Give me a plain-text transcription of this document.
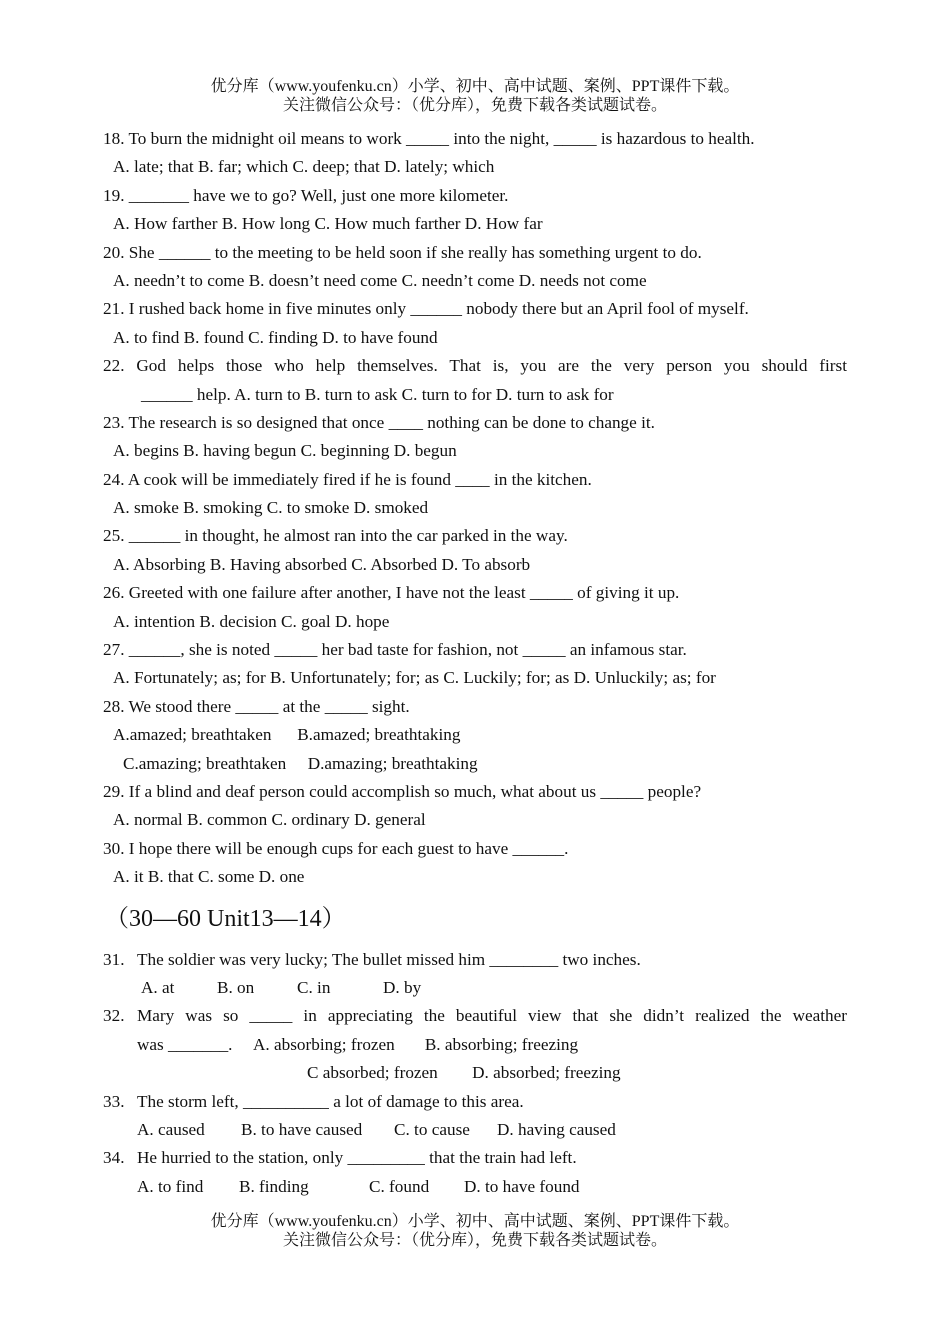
优分库（www.youfenku.cn）小学、初中、高中试题、案例、PPT课件下载。
关注微信公众号：（优分库），免费下载各类试题试卷。
18. To burn the midnight oil means to work _____ into the night, _____ is hazardous to health.
A. late; that B. far; which C. deep; that D. lately; which
19. _______ have we to go? Well, just one more kilometer.
A. How farther B. How long C. How much farther D. How far
20. She ______ to the meeting to be held soon if she really has something urgent to do.
A. needn’t to come B. doesn’t need come C. needn’t come D. needs not come
21. I rushed back home in five minutes only ______ nobody there but an April fool of myself.
A. to find B. found C. finding D. to have found
22. God helps those who help themselves. That is, you are the very person you should first
______ help. A. turn to B. turn to ask C. turn to for D. turn to ask for
23. The research is so designed that once ____ nothing can be done to change it.
A. begins B. having begun C. beginning D. begun
24. A cook will be immediately fired if he is found ____ in the kitchen.
A. smoke B. smoking C. to smoke D. smoked
25. ______ in thought, he almost ran into the car parked in the way.
A. Absorbing B. Having absorbed C. Absorbed D. To absorb
26. Greeted with one failure after another, I have not the least _____ of giving it up.
A. intention B. decision C. goal D. hope
27. ______, she is noted _____ her bad taste for fashion, not _____ an infamous star.
A. Fortunately; as; for B. Unfortunately; for; as C. Luckily; for; as D. Unluckily; as; for
28. We stood there _____ at the _____ sight.
A.amazed; breathtaken      B.amazed; breathtaking
C.amazing; breathtaken     D.amazing; breathtaking
29. If a blind and deaf person could accomplish so much, what about us _____ people?
A. normal B. common C. ordinary D. general
30. I hope there will be enough cups for each guest to have ______.
A. it B. that C. some D. one
（30—60 Unit13—14）
31. The soldier was very lucky; The bullet missed him ________ two inches.
A. at B. on C. in	D. by
32. Mary was so _____ in appreciating the beautiful view that she didn’t realized the weather
was _______.     A. absorbing; frozen       B. absorbing; freezing
C absorbed; frozen        D. absorbed; freezing
33. The storm left, __________ a lot of damage to this area.
A. caused B. to have caused C. to cause D. having caused
34. He hurried to the station, only _________ that the train had left.
A. to find B. finding	C. found D. to have found
优分库（www.youfenku.cn）小学、初中、高中试题、案例、PPT课件下载。
关注微信公众号：（优分库），免费下载各类试题试卷。
